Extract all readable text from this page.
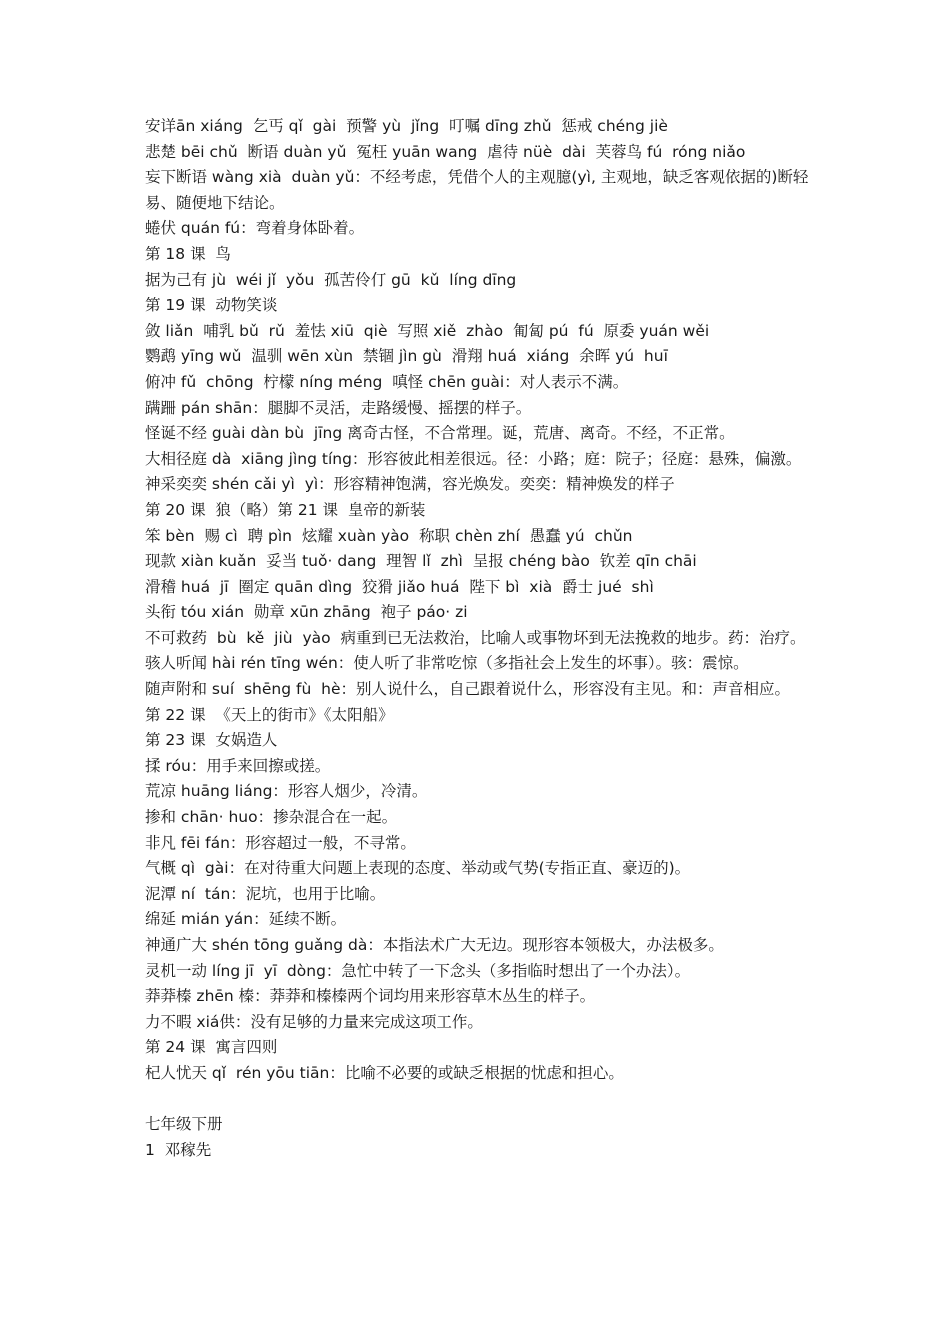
安详ān xiáng  乞丐 qǐ  gài  预警 yù  jǐng  叮嘱 dīng zhǔ  惩戒 chéng jiè

悲楚 bēi chǔ  断语 duàn yǔ  冤枉 yuān wang  虐待 nüè  dài  芙蓉鸟 fú  róng niǎo

妄下断语 wàng xià  duàn yǔ：不经考虑，凭借个人的主观臆(yì, 主观地，缺乏客观依据的)断轻易、随便地下结论。

蜷伏 quán fú：弯着身体卧着。

第 18 课  鸟

据为己有 jù  wéi jǐ  yǒu  孤苦伶仃 gū  kǔ  líng dīng

第 19 课  动物笑谈

敛 liǎn  哺乳 bǔ  rǔ  羞怯 xiū  qiè  写照 xiě  zhào  匍匐 pú  fú  原委 yuán wěi

鹦鹉 yīng wǔ  温驯 wēn xùn  禁锢 jìn gù  滑翔 huá  xiáng  余晖 yú  huī

俯冲 fǔ  chōng  柠檬 níng méng  嗔怪 chēn guài：对人表示不满。

蹒跚 pán shān：腿脚不灵活，走路缓慢、摇摆的样子。

怪诞不经 guài dàn bù  jīng 离奇古怪，不合常理。诞，荒唐、离奇。不经，不正常。

大相径庭 dà  xiāng jìng tíng：形容彼此相差很远。径：小路；庭：院子；径庭：悬殊，偏激。

神采奕奕 shén cǎi yì  yì：形容精神饱满，容光焕发。奕奕：精神焕发的样子

第 20 课  狼（略）第 21 课  皇帝的新装

笨 bèn  赐 cì  聘 pìn  炫耀 xuàn yào  称职 chèn zhí  愚蠢 yú  chǔn

现款 xiàn kuǎn  妥当 tuǒ· dang  理智 lǐ  zhì  呈报 chéng bào  钦差 qīn chāi

滑稽 huá  jī  圈定 quān dìng  狡猾 jiǎo huá  陛下 bì  xià  爵士 jué  shì

头衔 tóu xián  勋章 xūn zhāng  袍子 páo· zi

不可救药  bù  kě  jiù  yào  病重到已无法救治，比喻人或事物坏到无法挽救的地步。药：治疗。

骇人听闻 hài rén tīng wén：使人听了非常吃惊（多指社会上发生的坏事）。骇：震惊。

随声附和 suí  shēng fù  hè：别人说什么，自己跟着说什么，形容没有主见。和：声音相应。

第 22 课  《天上的街市》《太阳船》

第 23 课  女娲造人

揉 róu：用手来回擦或搓。

荒凉 huāng liáng：形容人烟少，冷清。

掺和 chān· huo：掺杂混合在一起。

非凡 fēi fán：形容超过一般，不寻常。

气概 qì  gài：在对待重大问题上表现的态度、举动或气势(专指正直、豪迈的)。

泥潭 ní  tán：泥坑，也用于比喻。

绵延 mián yán：延续不断。

神通广大 shén tōng guǎng dà：本指法术广大无边。现形容本领极大，办法极多。

灵机一动 líng jī  yī  dòng：急忙中转了一下念头（多指临时想出了一个办法）。

莽莽榛 zhēn 榛：莽莽和榛榛两个词均用来形容草木丛生的样子。

力不暇 xiá供：没有足够的力量来完成这项工作。

第 24 课  寓言四则

杞人忧天 qǐ  rén yōu tiān：比喻不必要的或缺乏根据的忧虑和担心。

七年级下册

1  邓稼先
